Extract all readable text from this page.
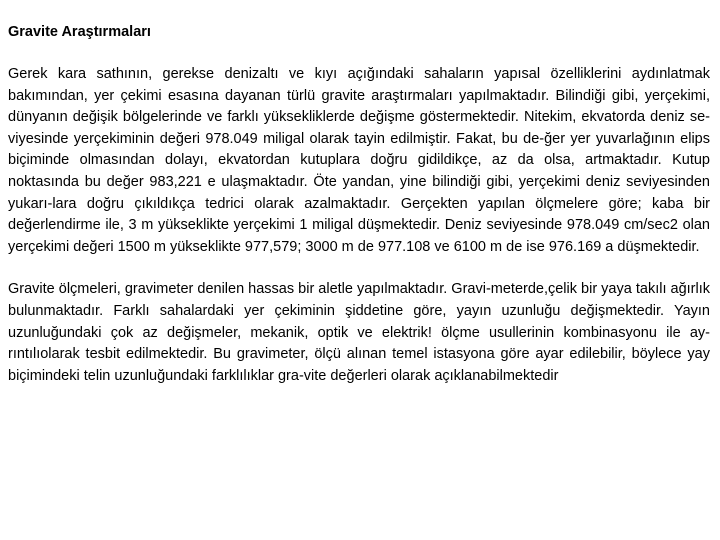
Gravite Araştırmaları

Gerek kara sathının, gerekse denizaltı ve kıyı açığındaki sahaların yapısal özelliklerini aydınlatmak bakımından, yer çekimi esasına dayanan türlü gravite araştırmaları yapılmaktadır. Bilindiği gibi, yerçekimi, dünyanın değişik bölgelerinde ve farklı yüksekliklerde değişme göstermektedir. Nitekim, ekvatorda deniz se-viyesinde yerçekiminin değeri 978.049 miligal olarak tayin edilmiştir. Fakat, bu de-ğer yer yuvarlağının elips biçiminde olmasından dolayı, ekvatordan kutuplara doğru gidildikçe, az da olsa, artmaktadır. Kutup noktasında bu değer 983,221 e ulaşmaktadır. Öte yandan, yine bilindiği gibi, yerçekimi deniz seviyesinden yukarı-lara doğru çıkıldıkça tedrici olarak azalmaktadır. Gerçekten yapılan ölçmelere göre; kaba bir değerlendirme ile, 3 m yükseklikte yerçekimi 1 miligal düşmektedir. Deniz seviyesinde 978.049 cm/sec2 olan yerçekimi değeri 1500 m yükseklikte 977,579; 3000 m de 977.108 ve 6100 m de ise 976.169 a düşmektedir.

Gravite ölçmeleri, gravimeter denilen hassas bir aletle yapılmaktadır. Gravi-meterde,çelik bir yaya takılı ağırlık bulunmaktadır. Farklı sahalardaki yer çekiminin şiddetine göre, yayın uzunluğu değişmektedir. Yayın uzunluğundaki çok az değişmeler, mekanik, optik ve elektrik! ölçme usullerinin kombinasyonu ile ay-rıntılıolarak tesbit edilmektedir. Bu gravimeter, ölçü alınan temel istasyona göre ayar edilebilir, böylece yay biçimindeki telin uzunluğundaki farklılıklar gra-vite değerleri olarak açıklanabilmektedir
